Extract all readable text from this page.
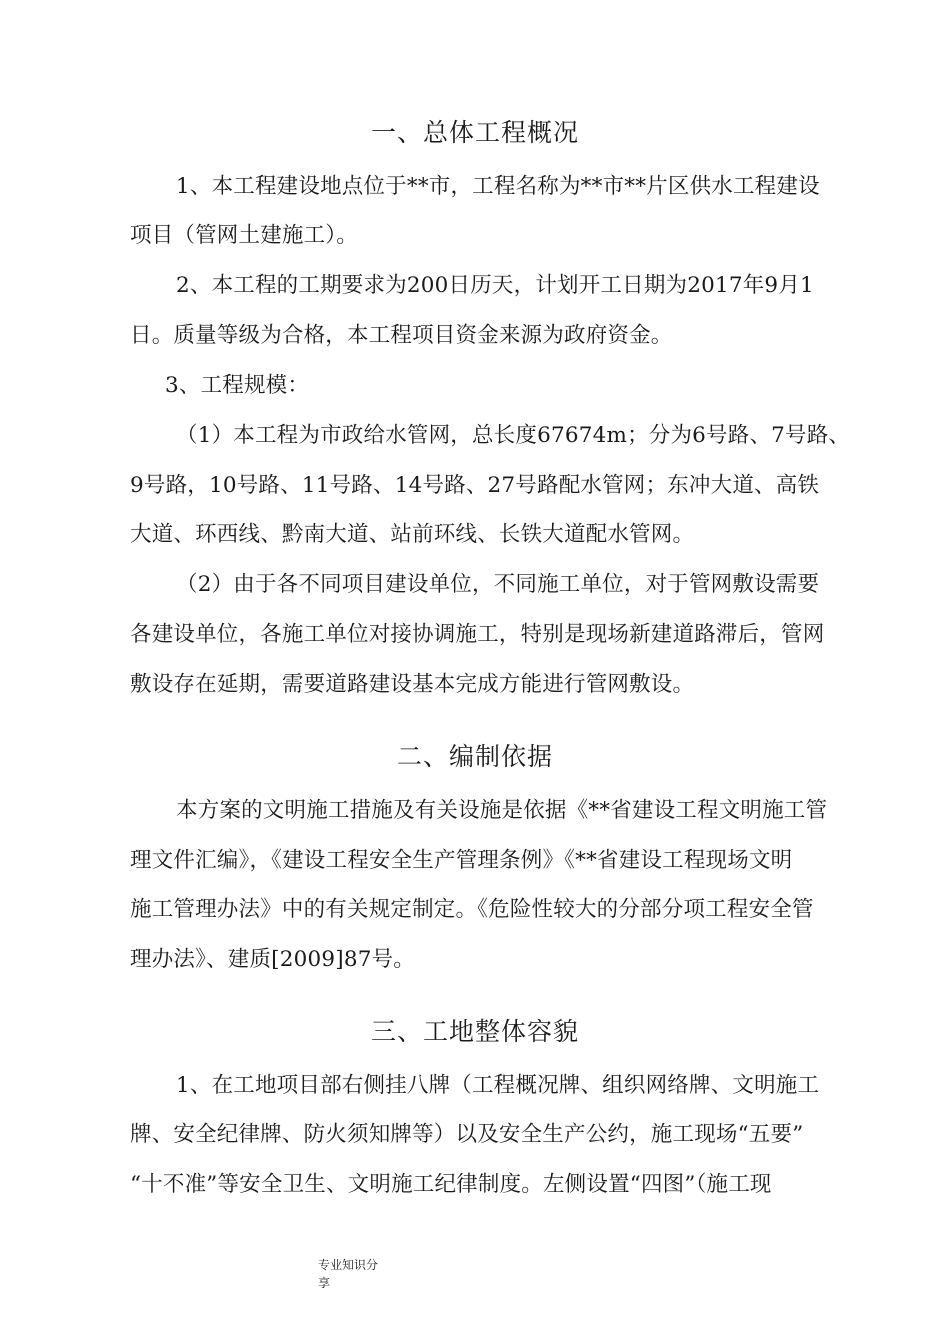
一、总体工程概况
1、本工程建设地点位于**市，工程名称为**市**片区供水工程建设
项目（管网土建施工）。
2、本工程的工期要求为200日历天，计划开工日期为2017年9月1
日。质量等级为合格，本工程项目资金来源为政府资金。
3、工程规模：
（1）本工程为市政给水管网，总长度67674m；分为6号路、7号路、
9号路，10号路、11号路、14号路、27号路配水管网；东冲大道、高铁
大道、环西线、黔南大道、站前环线、长铁大道配水管网。
（2）由于各不同项目建设单位，不同施工单位，对于管网敷设需要
各建设单位，各施工单位对接协调施工，特别是现场新建道路滞后，管网
敷设存在延期，需要道路建设基本完成方能进行管网敷设。
二、编制依据
本方案的文明施工措施及有关设施是依据《**省建设工程文明施工管
理文件汇编》，《建设工程安全生产管理条例》《**省建设工程现场文明
施工管理办法》中的有关规定制定。《危险性较大的分部分项工程安全管
理办法》、建质[2009]87号。
三、工地整体容貌
1、在工地项目部右侧挂八牌（工程概况牌、组织网络牌、文明施工
牌、安全纪律牌、防火须知牌等）以及安全生产公约，施工现场“五要”
“十不准”等安全卫生、文明施工纪律制度。左侧设置“四图”（施工现
专业知识分
享
